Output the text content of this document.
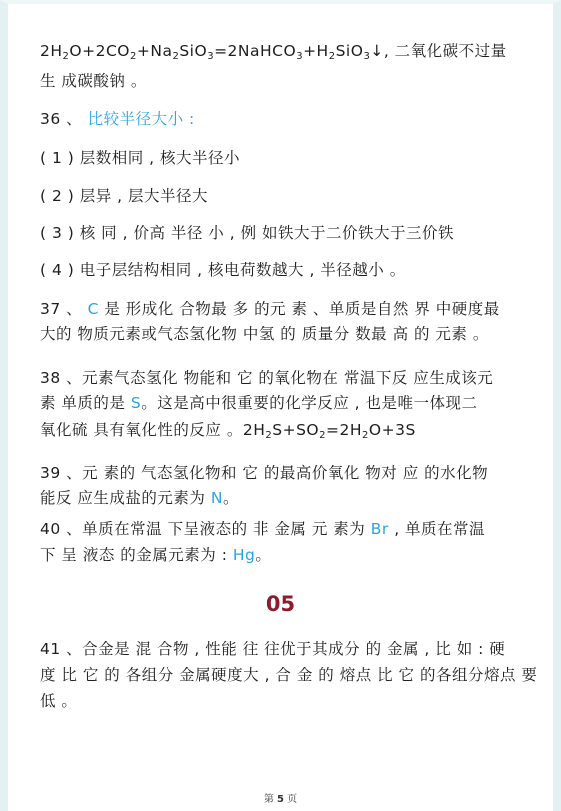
$2H_2O+2CO_2+Na_2SiO_3=2NaHCO_3+H_2SiO_3↓$, 二氧化碳不过量
生 成碳酸钠 。
36 、 比较半径大小 :
( 1 ) 层数相同 , 核大半径小
( 2 ) 层异 , 层大半径大
( 3 ) 核 同 , 价高 半径 小 , 例 如铁大于二价铁大于三价铁
( 4 ) 电子层结构相同 , 核电荷数越大 , 半径越小 。
37 、 C 是 形成化 合物最 多 的元 素 、单质是自然 界 中硬度最
大的 物质元素或气态氢化物 中氢 的 质量分 数最 高 的 元素 。
38 、元素气态氢化 物能和 它 的氧化物在 常温下反 应生成该元
素 单质的是 S。这是高中很重要的化学反应 , 也是唯一体现二
氧化硫 具有氧化性的反应 。$2H_2S+SO_2=2H_2O+3S$
39 、元 素的 气态氢化物和 它 的最高价氧化 物对 应 的水化物
能反 应生成盐的元素为 N。
40 、单质在常温 下呈液态的 非 金属 元 素为 Br , 单质在常温
下 呈 液态 的金属元素为 : Hg。
05
41 、合金是 混 合物 , 性能 往 往优于其成分 的 金属 , 比 如 : 硬
度 比 它 的 各组分 金属硬度大 , 合 金 的 熔点 比 它 的各组分熔点 要
低 。
第 5 页
